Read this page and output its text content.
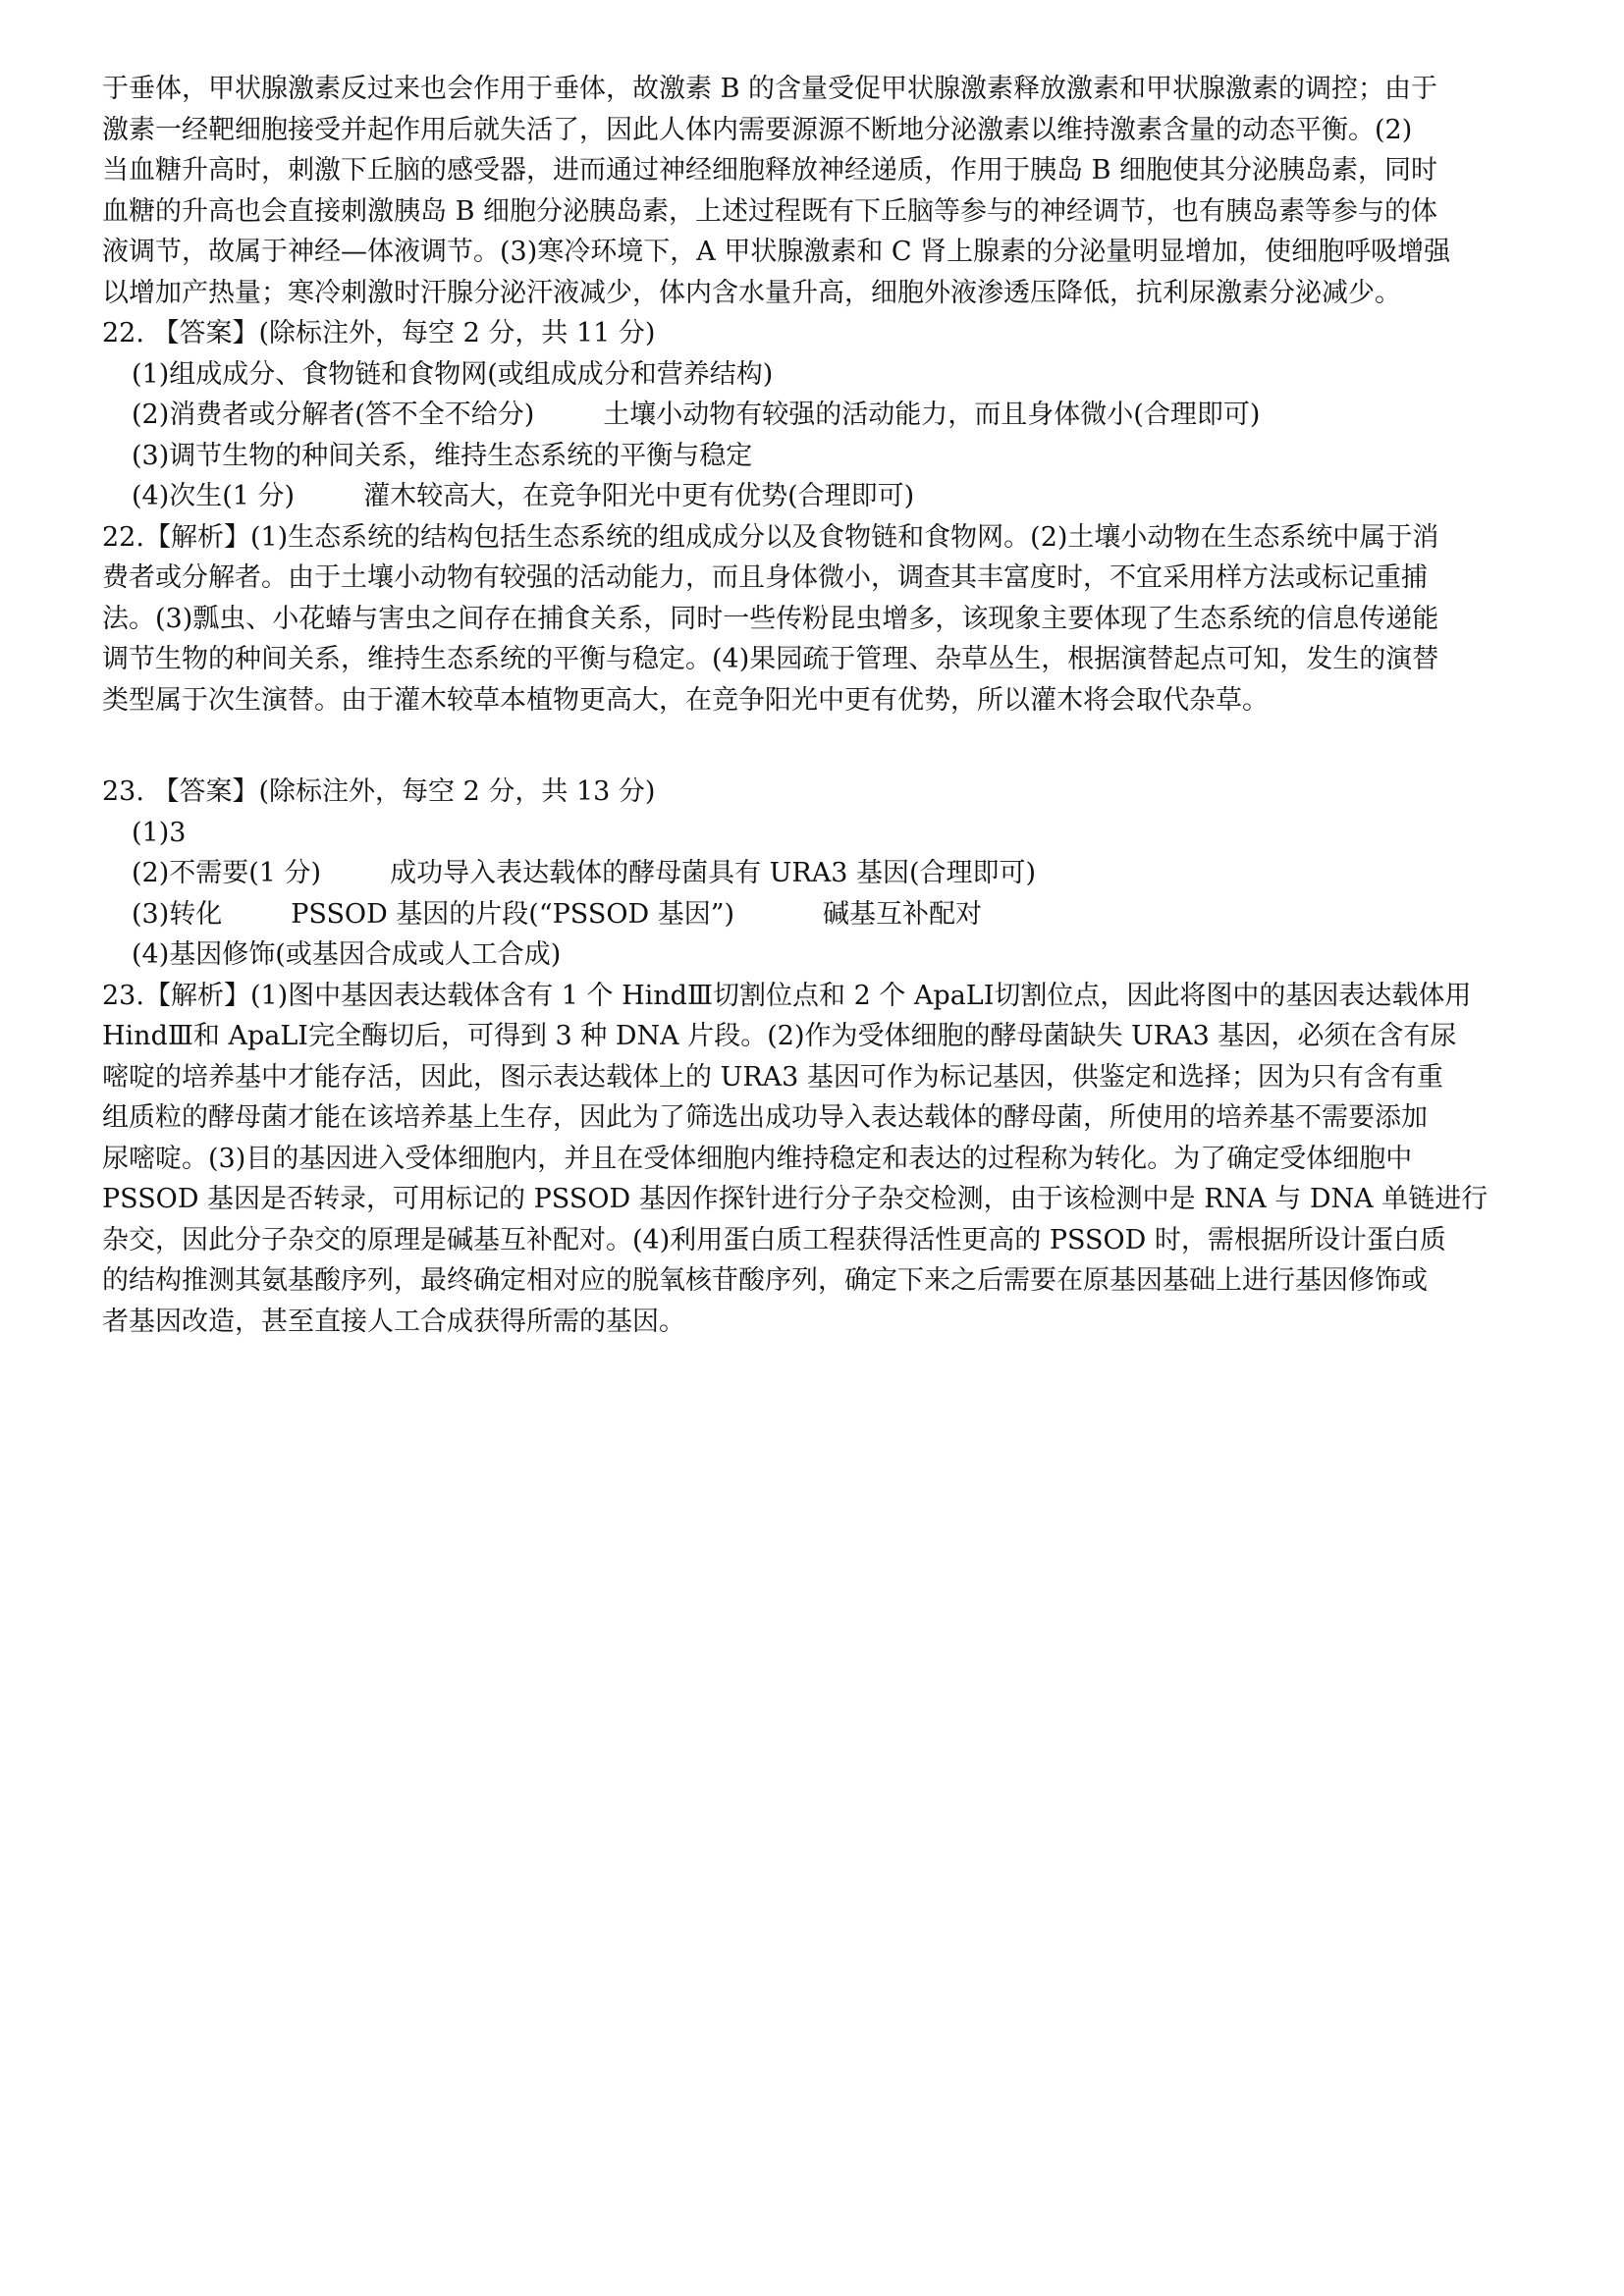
于垂体，甲状腺激素反过来也会作用于垂体，故激素 B 的含量受促甲状腺激素释放激素和甲状腺激素的调控；由于
激素一经靶细胞接受并起作用后就失活了，因此人体内需要源源不断地分泌激素以维持激素含量的动态平衡。(2)
当血糖升高时，刺激下丘脑的感受器，进而通过神经细胞释放神经递质，作用于胰岛 B 细胞使其分泌胰岛素，同时
血糖的升高也会直接刺激胰岛 B 细胞分泌胰岛素，上述过程既有下丘脑等参与的神经调节，也有胰岛素等参与的体
液调节，故属于神经—体液调节。(3)寒冷环境下，A 甲状腺激素和 C 肾上腺素的分泌量明显增加，使细胞呼吸增强
以增加产热量；寒冷刺激时汗腺分泌汗液减少，体内含水量升高，细胞外液渗透压降低，抗利尿激素分泌减少。
22. 【答案】(除标注外，每空 2 分，共 11 分)
(1)组成成分、食物链和食物网(或组成成分和营养结构)
(2)消费者或分解者(答不全不给分)	土壤小动物有较强的活动能力，而且身体微小(合理即可)
(3)调节生物的种间关系，维持生态系统的平衡与稳定
(4)次生(1 分)	灌木较高大，在竞争阳光中更有优势(合理即可)
22.【解析】(1)生态系统的结构包括生态系统的组成成分以及食物链和食物网。(2)土壤小动物在生态系统中属于消
费者或分解者。由于土壤小动物有较强的活动能力，而且身体微小，调查其丰富度时，不宜采用样方法或标记重捕
法。(3)瓢虫、小花蝽与害虫之间存在捕食关系，同时一些传粉昆虫增多，该现象主要体现了生态系统的信息传递能
调节生物的种间关系，维持生态系统的平衡与稳定。(4)果园疏于管理、杂草丛生，根据演替起点可知，发生的演替
类型属于次生演替。由于灌木较草本植物更高大，在竞争阳光中更有优势，所以灌木将会取代杂草。
23. 【答案】(除标注外，每空 2 分，共 13 分)
(1)3
(2)不需要(1 分)	成功导入表达载体的酵母菌具有 URA3 基因(合理即可)
(3)转化	PSSOD 基因的片段(“PSSOD 基因”)	碱基互补配对
(4)基因修饰(或基因合成或人工合成)
23.【解析】(1)图中基因表达载体含有 1 个 HindⅢ切割位点和 2 个 ApaLⅠ切割位点，因此将图中的基因表达载体用
HindⅢ和 ApaLⅠ完全酶切后，可得到 3 种 DNA 片段。(2)作为受体细胞的酵母菌缺失 URA3 基因，必须在含有尿
嘧啶的培养基中才能存活，因此，图示表达载体上的 URA3 基因可作为标记基因，供鉴定和选择；因为只有含有重
组质粒的酵母菌才能在该培养基上生存，因此为了筛选出成功导入表达载体的酵母菌，所使用的培养基不需要添加
尿嘧啶。(3)目的基因进入受体细胞内，并且在受体细胞内维持稳定和表达的过程称为转化。为了确定受体细胞中
PSSOD 基因是否转录，可用标记的 PSSOD 基因作探针进行分子杂交检测，由于该检测中是 RNA 与 DNA 单链进行
杂交，因此分子杂交的原理是碱基互补配对。(4)利用蛋白质工程获得活性更高的 PSSOD 时，需根据所设计蛋白质
的结构推测其氨基酸序列，最终确定相对应的脱氧核苷酸序列，确定下来之后需要在原基因基础上进行基因修饰或
者基因改造，甚至直接人工合成获得所需的基因。
